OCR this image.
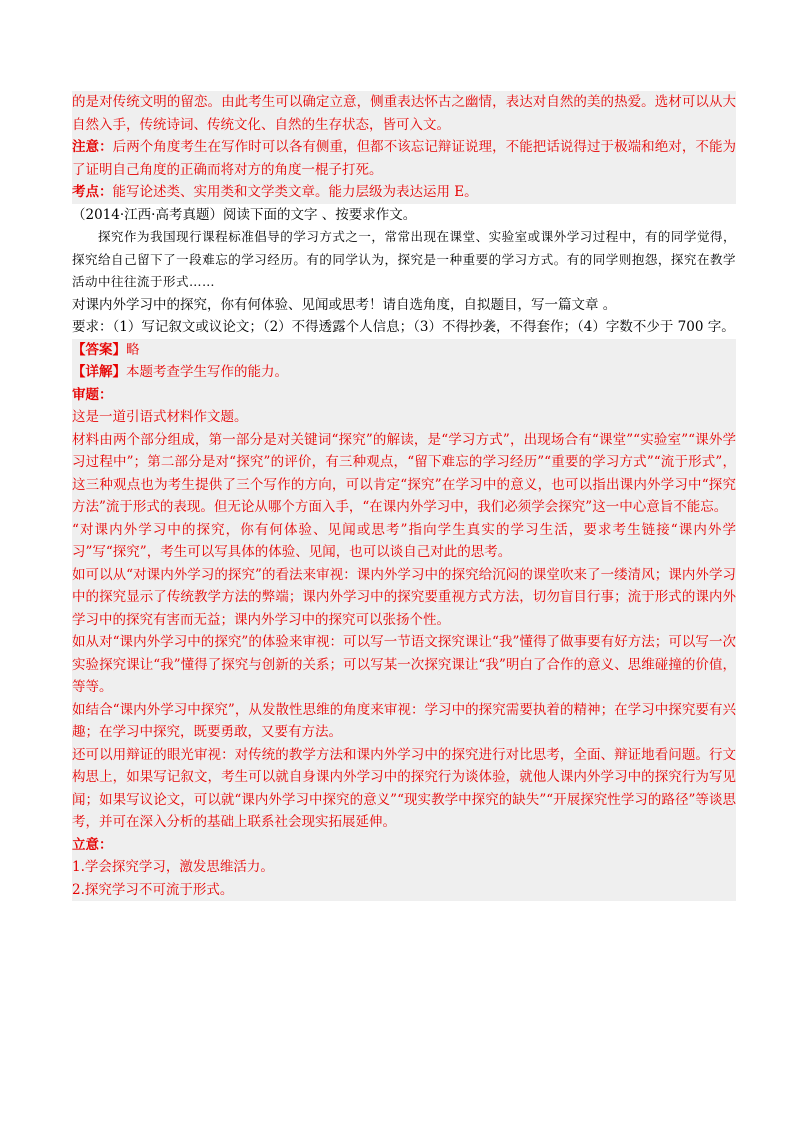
的是对传统文明的留恋。由此考生可以确定立意，侧重表达怀古之幽情，表达对自然的美的热爱。选材可以从大自然入手，传统诗词、传统文化、自然的生存状态，皆可入文。

注意：后两个角度考生在写作时可以各有侧重，但都不该忘记辩证说理，不能把话说得过于极端和绝对，不能为了证明自己角度的正确而将对方的角度一棍子打死。

考点：能写论述类、实用类和文学类文章。能力层级为表达运用 E。

（2014·江西·高考真题）阅读下面的文字 、按要求作文。

探究作为我国现行课程标准倡导的学习方式之一，常常出现在课堂、实验室或课外学习过程中，有的同学觉得，探究给自己留下了一段难忘的学习经历。有的同学认为，探究是一种重要的学习方式。有的同学则抱怨，探究在教学活动中往往流于形式……

对课内外学习中的探究，你有何体验、见闻或思考！请自选角度，自拟题目，写一篇文章 。

要求：（1）写记叙文或议论文；（2）不得透露个人信息；（3）不得抄袭，不得套作；（4）字数不少于 700 字。

【答案】略

【详解】本题考查学生写作的能力。

审题：

这是一道引语式材料作文题。

材料由两个部分组成，第一部分是对关键词“探究”的解读，是“学习方式”，出现场合有“课堂”“实验室”“课外学习过程中”；第二部分是对“探究”的评价，有三种观点，“留下难忘的学习经历”“重要的学习方式”“流于形式”，这三种观点也为考生提供了三个写作的方向，可以肯定“探究”在学习中的意义，也可以指出课内外学习中“探究方法”流于形式的表现。但无论从哪个方面入手，“在课内外学习中，我们必须学会探究”这一中心意旨不能忘。

“对课内外学习中的探究，你有何体验、见闻或思考”指向学生真实的学习生活，要求考生链接“课内外学习”写“探究”，考生可以写具体的体验、见闻，也可以谈自己对此的思考。

如可以从“对课内外学习的探究”的看法来审视：课内外学习中的探究给沉闷的课堂吹来了一缕清风；课内外学习中的探究显示了传统教学方法的弊端；课内外学习中的探究要重视方式方法，切勿盲目行事；流于形式的课内外学习中的探究有害而无益；课内外学习中的探究可以张扬个性。

如从对“课内外学习中的探究”的体验来审视：可以写一节语文探究课让“我”懂得了做事要有好方法；可以写一次实验探究课让“我”懂得了探究与创新的关系；可以写某一次探究课让“我”明白了合作的意义、思维碰撞的价值，等等。

如结合“课内外学习中探究”，从发散性思维的角度来审视：学习中的探究需要执着的精神；在学习中探究要有兴趣；在学习中探究，既要勇敢，又要有方法。

还可以用辩证的眼光审视：对传统的教学方法和课内外学习中的探究进行对比思考，全面、辩证地看问题。行文构思上，如果写记叙文，考生可以就自身课内外学习中的探究行为谈体验，就他人课内外学习中的探究行为写见闻；如果写议论文，可以就“课内外学习中探究的意义”“现实教学中探究的缺失”“开展探究性学习的路径”等谈思考，并可在深入分析的基础上联系社会现实拓展延伸。

立意：

1.学会探究学习，激发思维活力。

2.探究学习不可流于形式。
